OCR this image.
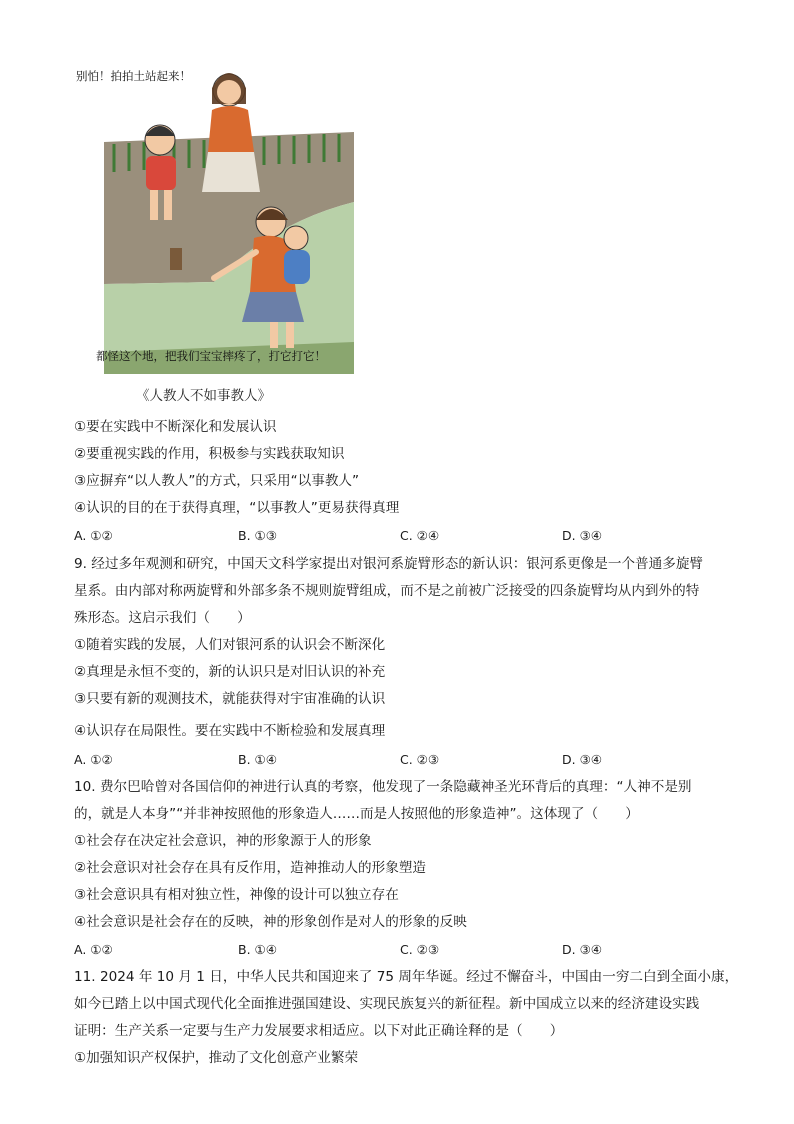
别怕！拍拍土站起来！
都怪这个地，把我们宝宝摔疼了，打它打它！
《人教人不如事教人》
①要在实践中不断深化和发展认识
②要重视实践的作用，积极参与实践获取知识
③应摒弃“以人教人”的方式，只采用“以事教人”
④认识的目的在于获得真理，“以事教人”更易获得真理
A. ①②	B. ①③	C. ②④	D. ③④
9. 经过多年观测和研究，中国天文科学家提出对银河系旋臂形态的新认识：银河系更像是一个普通多旋臂
星系。由内部对称两旋臂和外部多条不规则旋臂组成，而不是之前被广泛接受的四条旋臂均从内到外的特
殊形态。这启示我们（　　）
①随着实践的发展，人们对银河系的认识会不断深化
②真理是永恒不变的，新的认识只是对旧认识的补充
③只要有新的观测技术，就能获得对宇宙准确的认识
④认识存在局限性。要在实践中不断检验和发展真理
A. ①②	B. ①④	C. ②③	D. ③④
10. 费尔巴哈曾对各国信仰的神进行认真的考察，他发现了一条隐藏神圣光环背后的真理：“人神不是别
的，就是人本身”“并非神按照他的形象造人……而是人按照他的形象造神”。这体现了（　　）
①社会存在决定社会意识，神的形象源于人的形象
②社会意识对社会存在具有反作用，造神推动人的形象塑造
③社会意识具有相对独立性，神像的设计可以独立存在
④社会意识是社会存在的反映，神的形象创作是对人的形象的反映
A. ①②	B. ①④	C. ②③	D. ③④
11. 2024 年 10 月 1 日，中华人民共和国迎来了 75 周年华诞。经过不懈奋斗，中国由一穷二白到全面小康，
如今已踏上以中国式现代化全面推进强国建设、实现民族复兴的新征程。新中国成立以来的经济建设实践
证明：生产关系一定要与生产力发展要求相适应。以下对此正确诠释的是（　　）
①加强知识产权保护，推动了文化创意产业繁荣
